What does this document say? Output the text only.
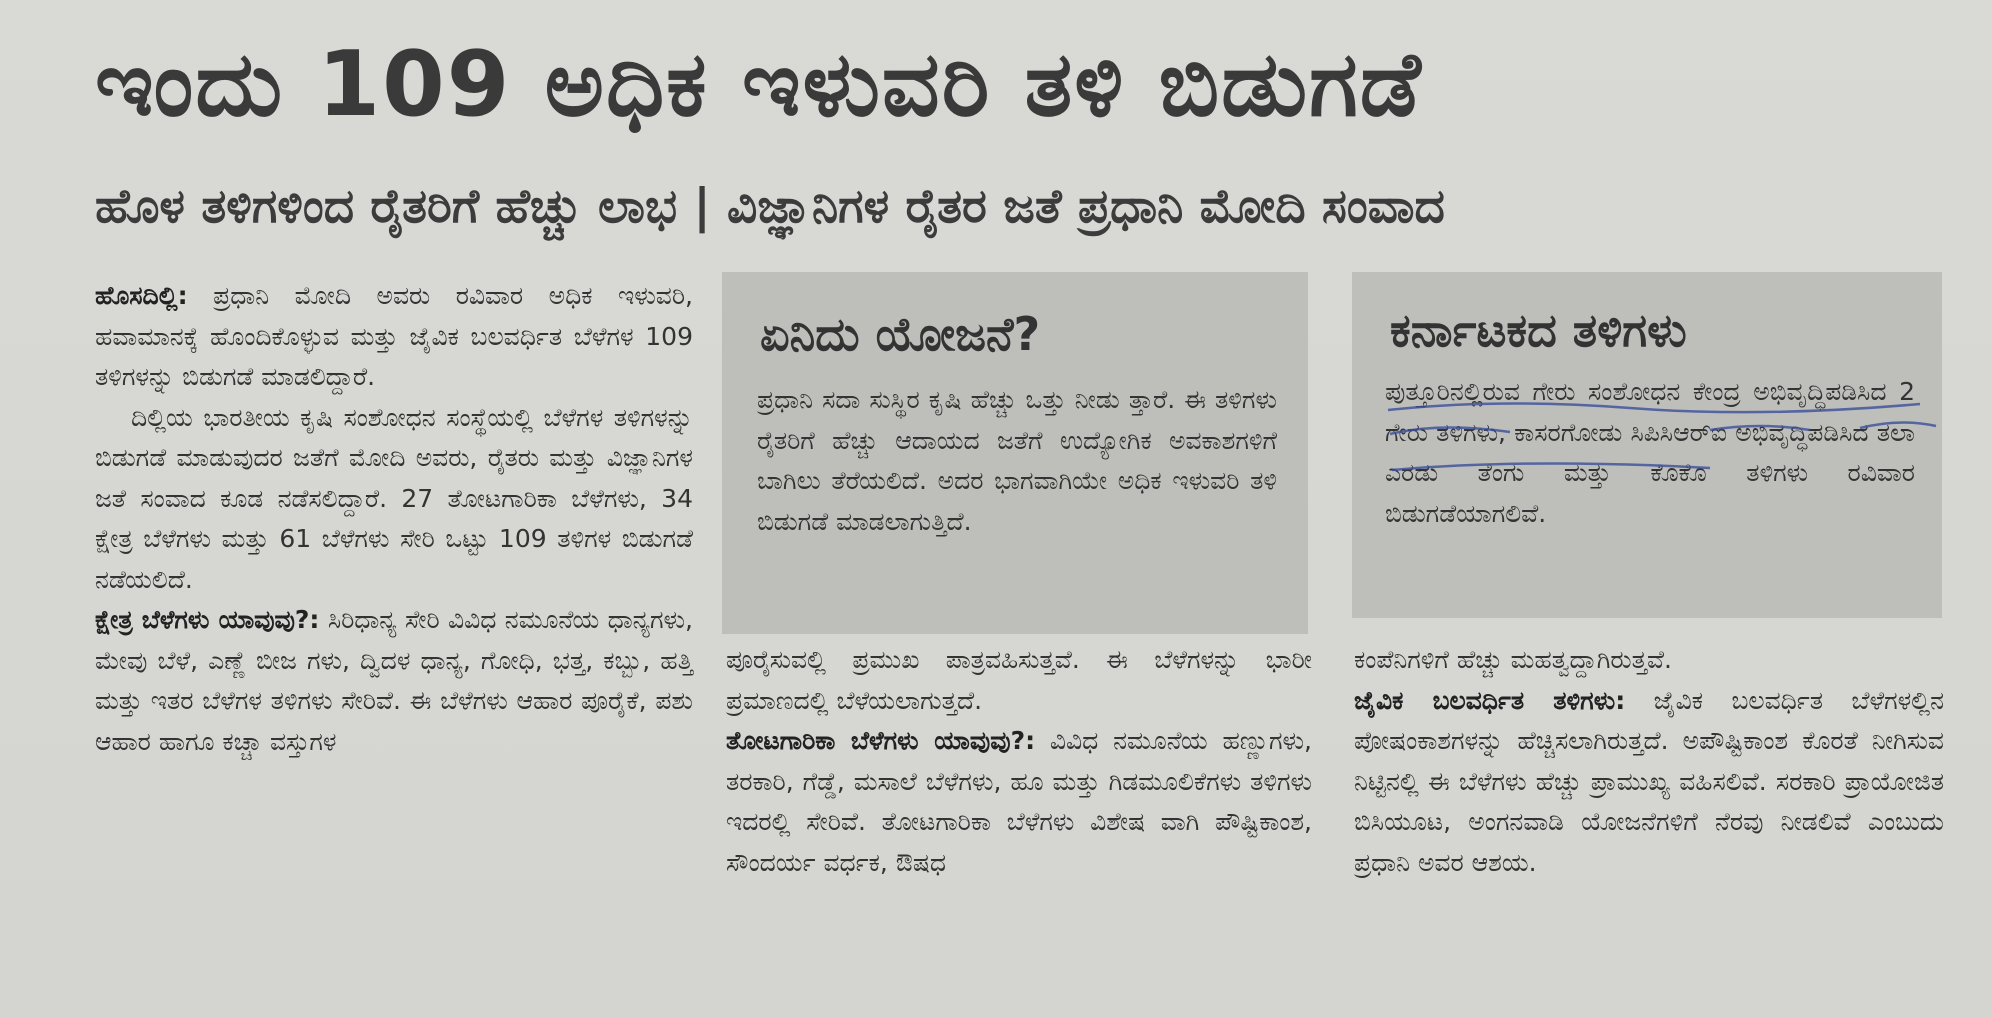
ಇಂದು 109 ಅಧಿಕ ಇಳುವರಿ ತಳಿ ಬಿಡುಗಡೆ
ಹೊಳ ತಳಿಗಳಿಂದ ರೈತರಿಗೆ ಹೆಚ್ಚು ಲಾಭ | ವಿಜ್ಞಾನಿಗಳ ರೈತರ ಜತೆ ಪ್ರಧಾನಿ ಮೋದಿ ಸಂವಾದ

ಹೊಸದಿಲ್ಲಿ: ಪ್ರಧಾನಿ ಮೋದಿ ಅವರು ರವಿವಾರ ಅಧಿಕ ಇಳುವರಿ, ಹವಾಮಾನಕ್ಕೆ ಹೊಂದಿಕೊಳ್ಳುವ ಮತ್ತು ಜೈವಿಕ ಬಲವರ್ಧಿತ ಬೆಳೆಗಳ 109 ತಳಿಗಳನ್ನು ಬಿಡುಗಡೆ ಮಾಡಲಿದ್ದಾರೆ.

ದಿಲ್ಲಿಯ ಭಾರತೀಯ ಕೃಷಿ ಸಂಶೋಧನ ಸಂಸ್ಥೆಯಲ್ಲಿ ಬೆಳೆಗಳ ತಳಿಗಳನ್ನು ಬಿಡುಗಡೆ ಮಾಡುವುದರ ಜತೆಗೆ ಮೋದಿ ಅವರು, ರೈತರು ಮತ್ತು ವಿಜ್ಞಾನಿಗಳ ಜತೆ ಸಂವಾದ ಕೂಡ ನಡೆಸಲಿದ್ದಾರೆ. 27 ತೋಟಗಾರಿಕಾ ಬೆಳೆಗಳು, 34 ಕ್ಷೇತ್ರ ಬೆಳೆಗಳು ಮತ್ತು 61 ಬೆಳೆಗಳು ಸೇರಿ ಒಟ್ಟು 109 ತಳಿಗಳ ಬಿಡುಗಡೆ ನಡೆಯಲಿದೆ.

ಕ್ಷೇತ್ರ ಬೆಳೆಗಳು ಯಾವುವು?: ಸಿರಿಧಾನ್ಯ ಸೇರಿ ವಿವಿಧ ನಮೂನೆಯ ಧಾನ್ಯಗಳು, ಮೇವು ಬೆಳೆ, ಎಣ್ಣೆ ಬೀಜ ಗಳು, ದ್ವಿದಳ ಧಾನ್ಯ, ಗೋಧಿ, ಭತ್ತ, ಕಬ್ಬು, ಹತ್ತಿ ಮತ್ತು ಇತರ ಬೆಳೆಗಳ ತಳಿಗಳು ಸೇರಿವೆ. ಈ ಬೆಳೆಗಳು ಆಹಾರ ಪೂರೈಕೆ, ಪಶು ಆಹಾರ ಹಾಗೂ ಕಚ್ಚಾ ವಸ್ತುಗಳ

ಏನಿದು ಯೋಜನೆ?
ಪ್ರಧಾನಿ ಸದಾ ಸುಸ್ಥಿರ ಕೃಷಿ ಹೆಚ್ಚು ಒತ್ತು ನೀಡು ತ್ತಾರೆ. ಈ ತಳಿಗಳು ರೈತರಿಗೆ ಹೆಚ್ಚು ಆದಾಯದ ಜತೆಗೆ ಉದ್ಯೋಗಿಕ ಅವಕಾಶಗಳಿಗೆ ಬಾಗಿಲು ತೆರೆಯಲಿದೆ. ಅದರ ಭಾಗವಾಗಿಯೇ ಅಧಿಕ ಇಳುವರಿ ತಳಿ ಬಿಡುಗಡೆ ಮಾಡಲಾಗುತ್ತಿದೆ.
ಕರ್ನಾಟಕದ ತಳಿಗಳು
ಪುತ್ತೂರಿನಲ್ಲಿರುವ ಗೇರು ಸಂಶೋಧನ ಕೇಂದ್ರ ಅಭಿವೃದ್ಧಿಪಡಿಸಿದ 2 ಗೇರು ತಳಿಗಳು, ಕಾಸರಗೋಡು ಸಿಪಿಸಿಆರ್‌ಐ ಅಭಿವೃದ್ಧಿಪಡಿಸಿದ ತಲಾ ಎರಡು ತೆಂಗು ಮತ್ತು ಕೊಕೊ ತಳಿಗಳು ರವಿವಾರ ಬಿಡುಗಡೆಯಾಗಲಿವೆ.

ಪೂರೈಸುವಲ್ಲಿ ಪ್ರಮುಖ ಪಾತ್ರವಹಿಸುತ್ತವೆ. ಈ ಬೆಳೆಗಳನ್ನು ಭಾರೀ ಪ್ರಮಾಣದಲ್ಲಿ ಬೆಳೆಯಲಾಗುತ್ತದೆ.

ತೋಟಗಾರಿಕಾ ಬೆಳೆಗಳು ಯಾವುವು?: ವಿವಿಧ ನಮೂನೆಯ ಹಣ್ಣುಗಳು, ತರಕಾರಿ, ಗೆಡ್ಡೆ, ಮಸಾಲೆ ಬೆಳೆಗಳು, ಹೂ ಮತ್ತು ಗಿಡಮೂಲಿಕೆಗಳು ತಳಿಗಳು ಇದರಲ್ಲಿ ಸೇರಿವೆ. ತೋಟಗಾರಿಕಾ ಬೆಳೆಗಳು ವಿಶೇಷ ವಾಗಿ ಪೌಷ್ಟಿಕಾಂಶ, ಸೌಂದರ್ಯ ವರ್ಧಕ, ಔಷಧ

ಕಂಪೆನಿಗಳಿಗೆ ಹೆಚ್ಚು ಮಹತ್ವದ್ದಾಗಿರುತ್ತವೆ.

ಜೈವಿಕ ಬಲವರ್ಧಿತ ತಳಿಗಳು: ಜೈವಿಕ ಬಲವರ್ಧಿತ ಬೆಳೆಗಳಲ್ಲಿನ ಪೋಷಂಕಾಶಗಳನ್ನು ಹೆಚ್ಚಿಸಲಾಗಿರುತ್ತದೆ. ಅಪೌಷ್ಟಿಕಾಂಶ ಕೊರತೆ ನೀಗಿಸುವ ನಿಟ್ಟಿನಲ್ಲಿ ಈ ಬೆಳೆಗಳು ಹೆಚ್ಚು ಪ್ರಾಮುಖ್ಯ ವಹಿಸಲಿವೆ. ಸರಕಾರಿ ಪ್ರಾಯೋಜಿತ ಬಿಸಿಯೂಟ, ಅಂಗನವಾಡಿ ಯೋಜನೆಗಳಿಗೆ ನೆರವು ನೀಡಲಿವೆ ಎಂಬುದು ಪ್ರಧಾನಿ ಅವರ ಆಶಯ.
